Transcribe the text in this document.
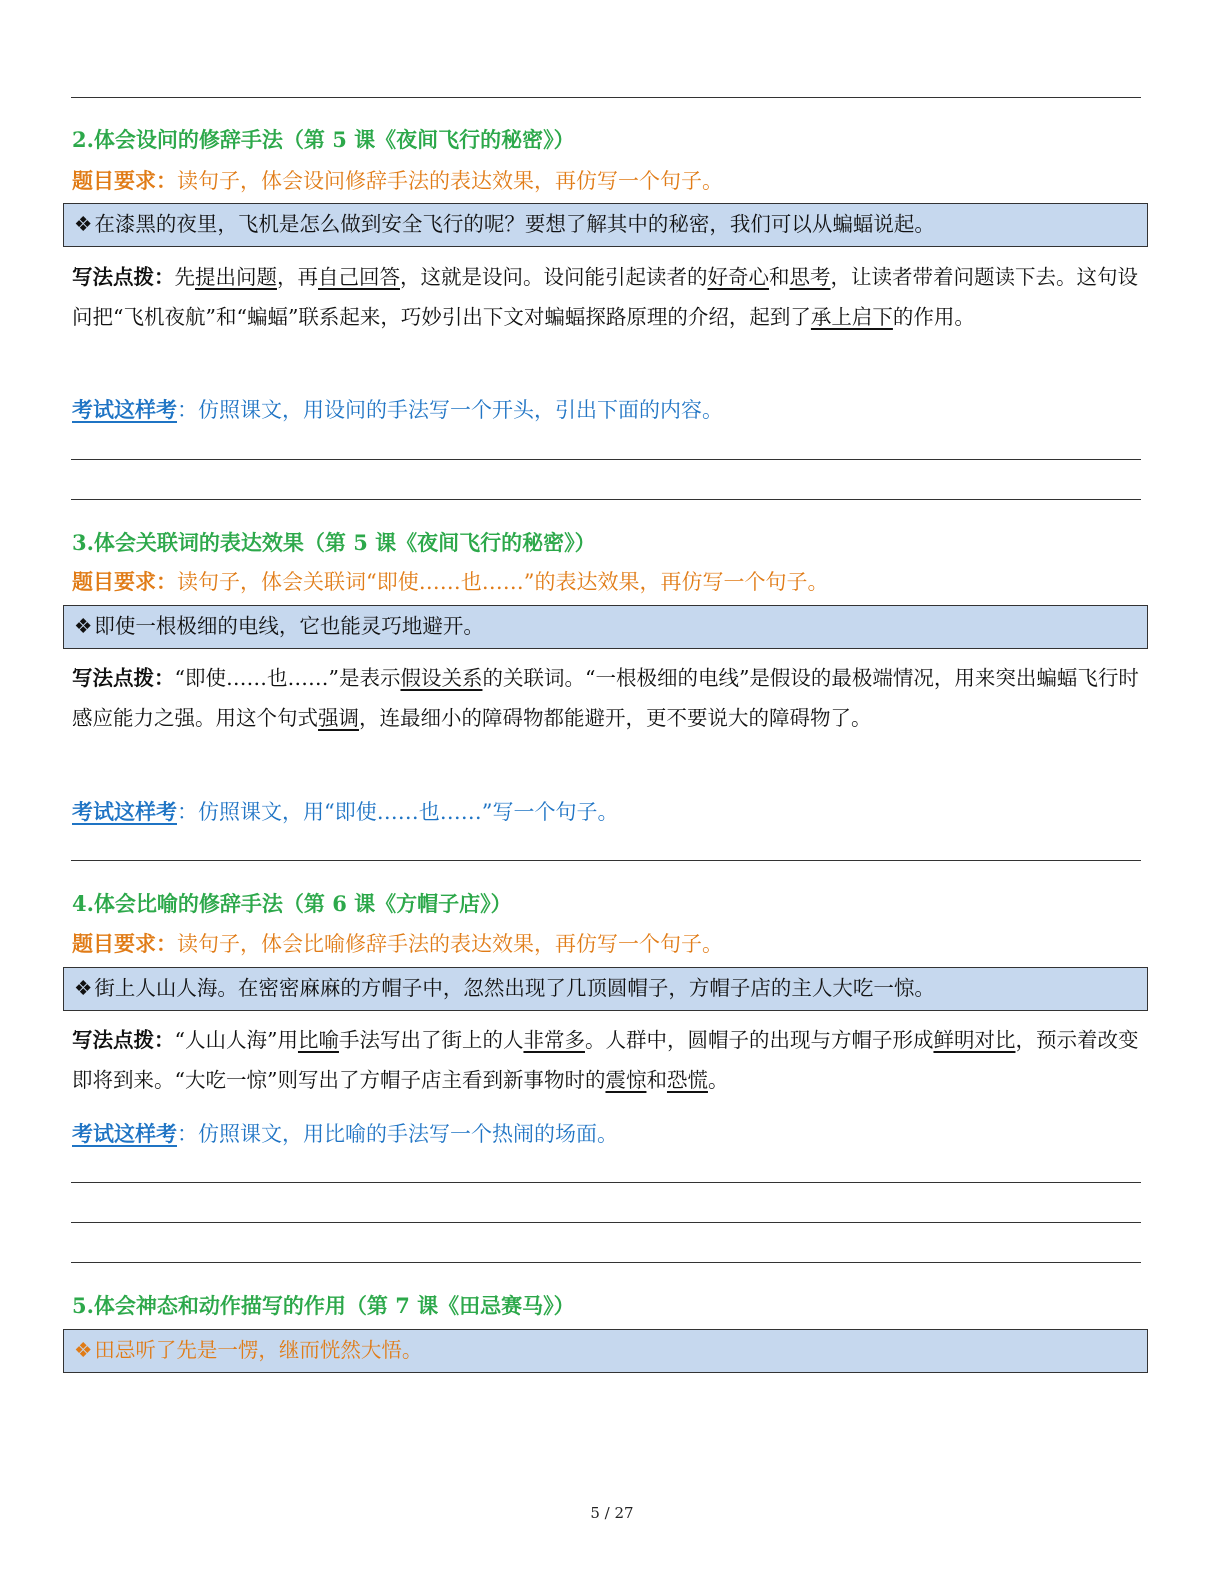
2.体会设问的修辞手法（第 5 课《夜间飞行的秘密》）
题目要求：读句子，体会设问修辞手法的表达效果，再仿写一个句子。
❖在漆黑的夜里，飞机是怎么做到安全飞行的呢？要想了解其中的秘密，我们可以从蝙蝠说起。
写法点拨：先提出问题，再自己回答，这就是设问。设问能引起读者的好奇心和思考，让读者带着问题读下去。这句设问把“飞机夜航”和“蝙蝠”联系起来，巧妙引出下文对蝙蝠探路原理的介绍，起到了承上启下的作用。
考试这样考：仿照课文，用设问的手法写一个开头，引出下面的内容。
3.体会关联词的表达效果（第 5 课《夜间飞行的秘密》）
题目要求：读句子，体会关联词“即使……也……”的表达效果，再仿写一个句子。
❖即使一根极细的电线，它也能灵巧地避开。
写法点拨：“即使……也……”是表示假设关系的关联词。“一根极细的电线”是假设的最极端情况，用来突出蝙蝠飞行时感应能力之强。用这个句式强调，连最细小的障碍物都能避开，更不要说大的障碍物了。
考试这样考：仿照课文，用“即使……也……”写一个句子。
4.体会比喻的修辞手法（第 6 课《方帽子店》）
题目要求：读句子，体会比喻修辞手法的表达效果，再仿写一个句子。
❖街上人山人海。在密密麻麻的方帽子中，忽然出现了几顶圆帽子，方帽子店的主人大吃一惊。
写法点拨：“人山人海”用比喻手法写出了街上的人非常多。人群中，圆帽子的出现与方帽子形成鲜明对比，预示着改变即将到来。“大吃一惊”则写出了方帽子店主看到新事物时的震惊和恐慌。
考试这样考：仿照课文，用比喻的手法写一个热闹的场面。
5.体会神态和动作描写的作用（第 7 课《田忌赛马》）
❖田忌听了先是一愣，继而恍然大悟。
5 / 27
